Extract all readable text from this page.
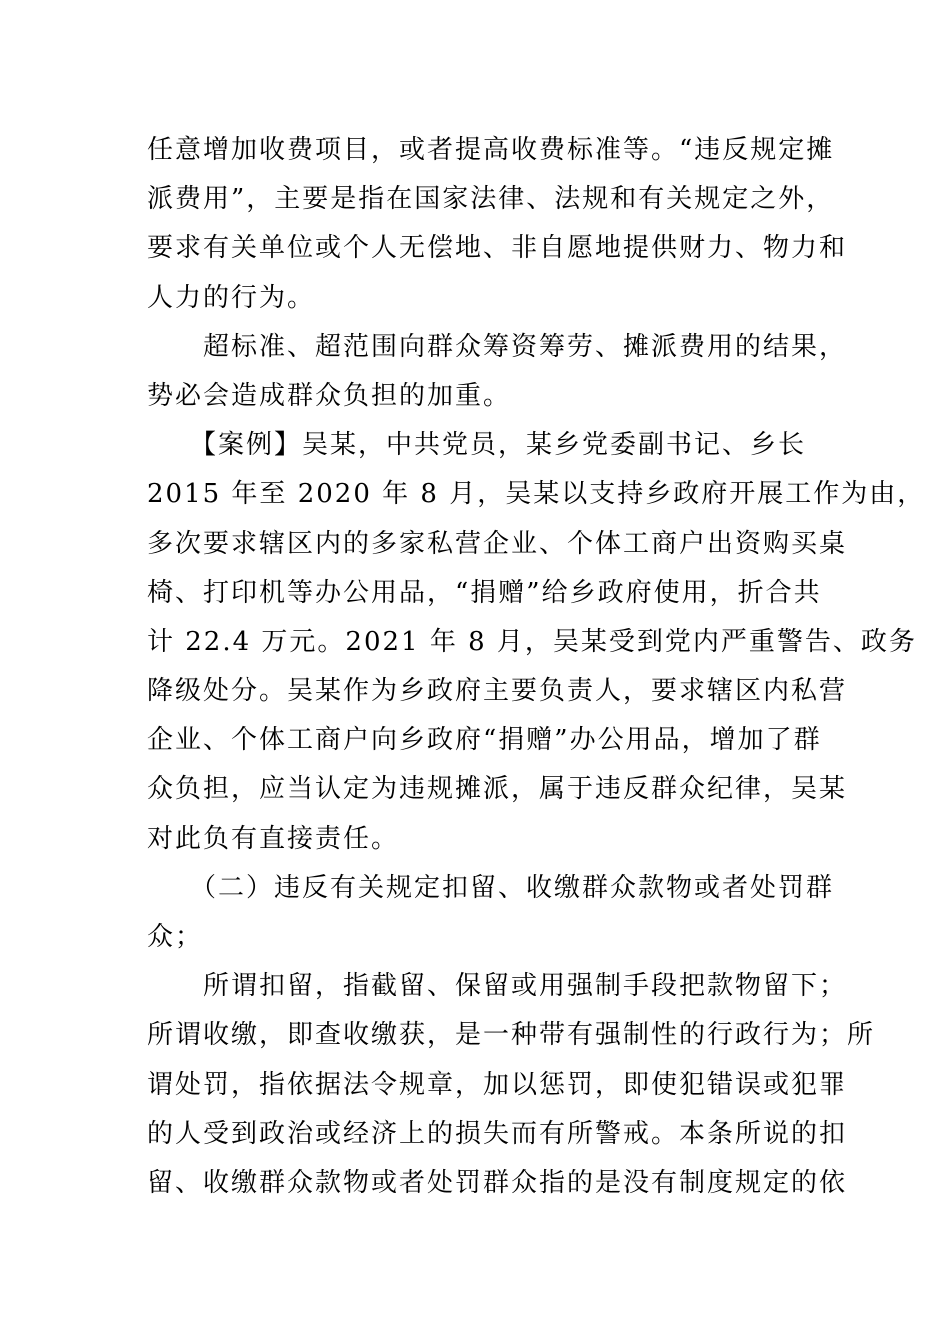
任意增加收费项目，或者提高收费标准等。“违反规定摊
派费用”，主要是指在国家法律、法规和有关规定之外，
要求有关单位或个人无偿地、非自愿地提供财力、物力和
人力的行为。
　　超标准、超范围向群众筹资筹劳、摊派费用的结果，
势必会造成群众负担的加重。
　　【案例】吴某，中共党员，某乡党委副书记、乡长
2015 年至 2020 年 8 月，吴某以支持乡政府开展工作为由，
多次要求辖区内的多家私营企业、个体工商户出资购买桌
椅、打印机等办公用品，“捐赠”给乡政府使用，折合共
计 22.4 万元。2021 年 8 月，吴某受到党内严重警告、政务
降级处分。吴某作为乡政府主要负责人，要求辖区内私营
企业、个体工商户向乡政府“捐赠”办公用品，增加了群
众负担，应当认定为违规摊派，属于违反群众纪律，吴某
对此负有直接责任。
　　（二）违反有关规定扣留、收缴群众款物或者处罚群
众；
　　所谓扣留，指截留、保留或用强制手段把款物留下；
所谓收缴，即查收缴获，是一种带有强制性的行政行为；所
谓处罚，指依据法令规章，加以惩罚，即使犯错误或犯罪
的人受到政治或经济上的损失而有所警戒。本条所说的扣
留、收缴群众款物或者处罚群众指的是没有制度规定的依
